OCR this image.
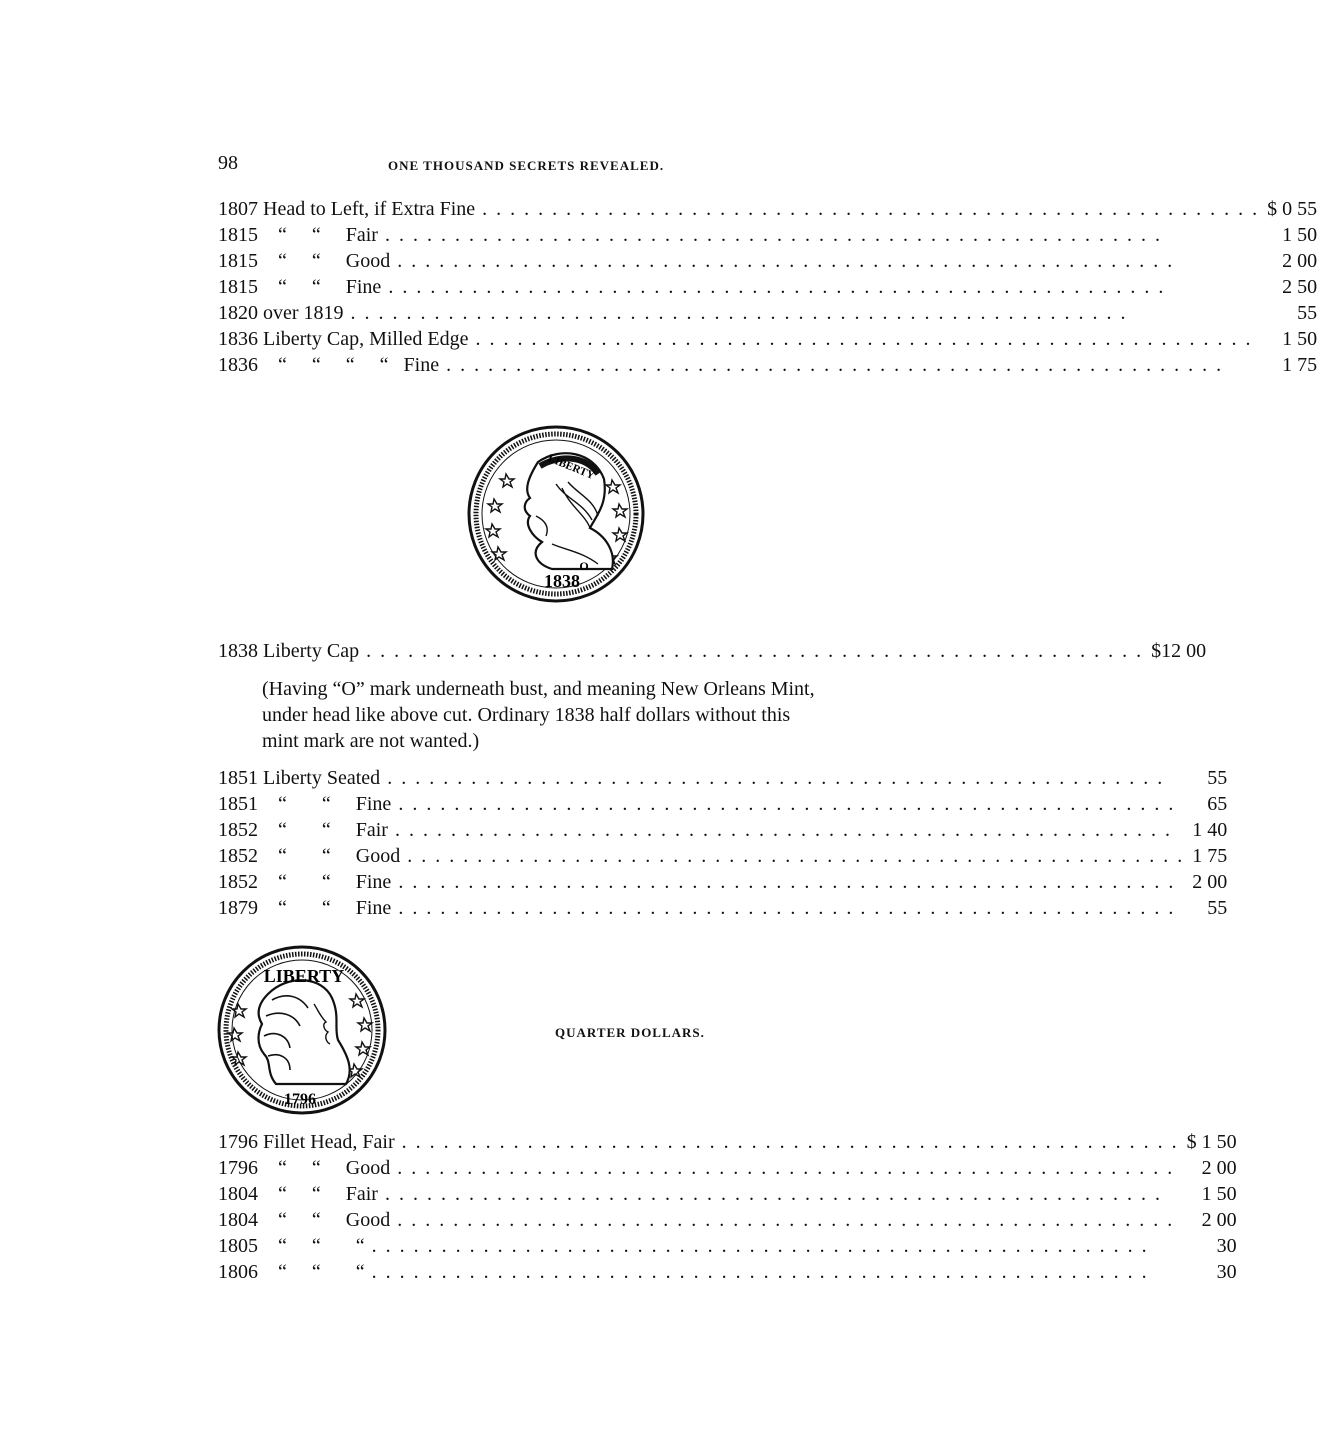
98	ONE THOUSAND SECRETS REVEALED.
1807 Head to Left, if Extra Fine . . . . . . . . . . . . . . . . . . . . . . . . . . . . . . . . . . . . . . . . . . . . . . . . . . . . . . . .	$ 0 55
1815    “     “     Fair . . . . . . . . . . . . . . . . . . . . . . . . . . . . . . . . . . . . . . . . . . . . . . . . . . . . . . . .	1 50
1815    “     “     Good . . . . . . . . . . . . . . . . . . . . . . . . . . . . . . . . . . . . . . . . . . . . . . . . . . . . . . . .	2 00
1815    “     “     Fine . . . . . . . . . . . . . . . . . . . . . . . . . . . . . . . . . . . . . . . . . . . . . . . . . . . . . . . .	2 50
1820 over 1819 . . . . . . . . . . . . . . . . . . . . . . . . . . . . . . . . . . . . . . . . . . . . . . . . . . . . . . . .	55
1836 Liberty Cap, Milled Edge . . . . . . . . . . . . . . . . . . . . . . . . . . . . . . . . . . . . . . . . . . . . . . . . . . . . . . . .	1 50
1836    “     “     “     “   Fine . . . . . . . . . . . . . . . . . . . . . . . . . . . . . . . . . . . . . . . . . . . . . . . . . . . . . . . .	1 75
LIBERTY
O
1838
1838 Liberty Cap . . . . . . . . . . . . . . . . . . . . . . . . . . . . . . . . . . . . . . . . . . . . . . . . . . . . . . . .	$12 00
(Having “O” mark underneath bust, and meaning New Orleans Mint, under head like above cut. Ordinary 1838 half dollars without this mint mark are not wanted.)
1851 Liberty Seated . . . . . . . . . . . . . . . . . . . . . . . . . . . . . . . . . . . . . . . . . . . . . . . . . . . . . . . .	55
1851    “       “     Fine . . . . . . . . . . . . . . . . . . . . . . . . . . . . . . . . . . . . . . . . . . . . . . . . . . . . . . . .	65
1852    “       “     Fair . . . . . . . . . . . . . . . . . . . . . . . . . . . . . . . . . . . . . . . . . . . . . . . . . . . . . . . .	1 40
1852    “       “     Good . . . . . . . . . . . . . . . . . . . . . . . . . . . . . . . . . . . . . . . . . . . . . . . . . . . . . . . .	1 75
1852    “       “     Fine . . . . . . . . . . . . . . . . . . . . . . . . . . . . . . . . . . . . . . . . . . . . . . . . . . . . . . . .	2 00
1879    “       “     Fine . . . . . . . . . . . . . . . . . . . . . . . . . . . . . . . . . . . . . . . . . . . . . . . . . . . . . . . .	55
LIBERTY
1796
QUARTER DOLLARS.
1796 Fillet Head, Fair . . . . . . . . . . . . . . . . . . . . . . . . . . . . . . . . . . . . . . . . . . . . . . . . . . . . . . . .	$ 1 50
1796    “     “     Good . . . . . . . . . . . . . . . . . . . . . . . . . . . . . . . . . . . . . . . . . . . . . . . . . . . . . . . .	2 00
1804    “     “     Fair . . . . . . . . . . . . . . . . . . . . . . . . . . . . . . . . . . . . . . . . . . . . . . . . . . . . . . . .	1 50
1804    “     “     Good . . . . . . . . . . . . . . . . . . . . . . . . . . . . . . . . . . . . . . . . . . . . . . . . . . . . . . . .	2 00
1805    “     “       “ . . . . . . . . . . . . . . . . . . . . . . . . . . . . . . . . . . . . . . . . . . . . . . . . . . . . . . . .	30
1806    “     “       “ . . . . . . . . . . . . . . . . . . . . . . . . . . . . . . . . . . . . . . . . . . . . . . . . . . . . . . . .	30
